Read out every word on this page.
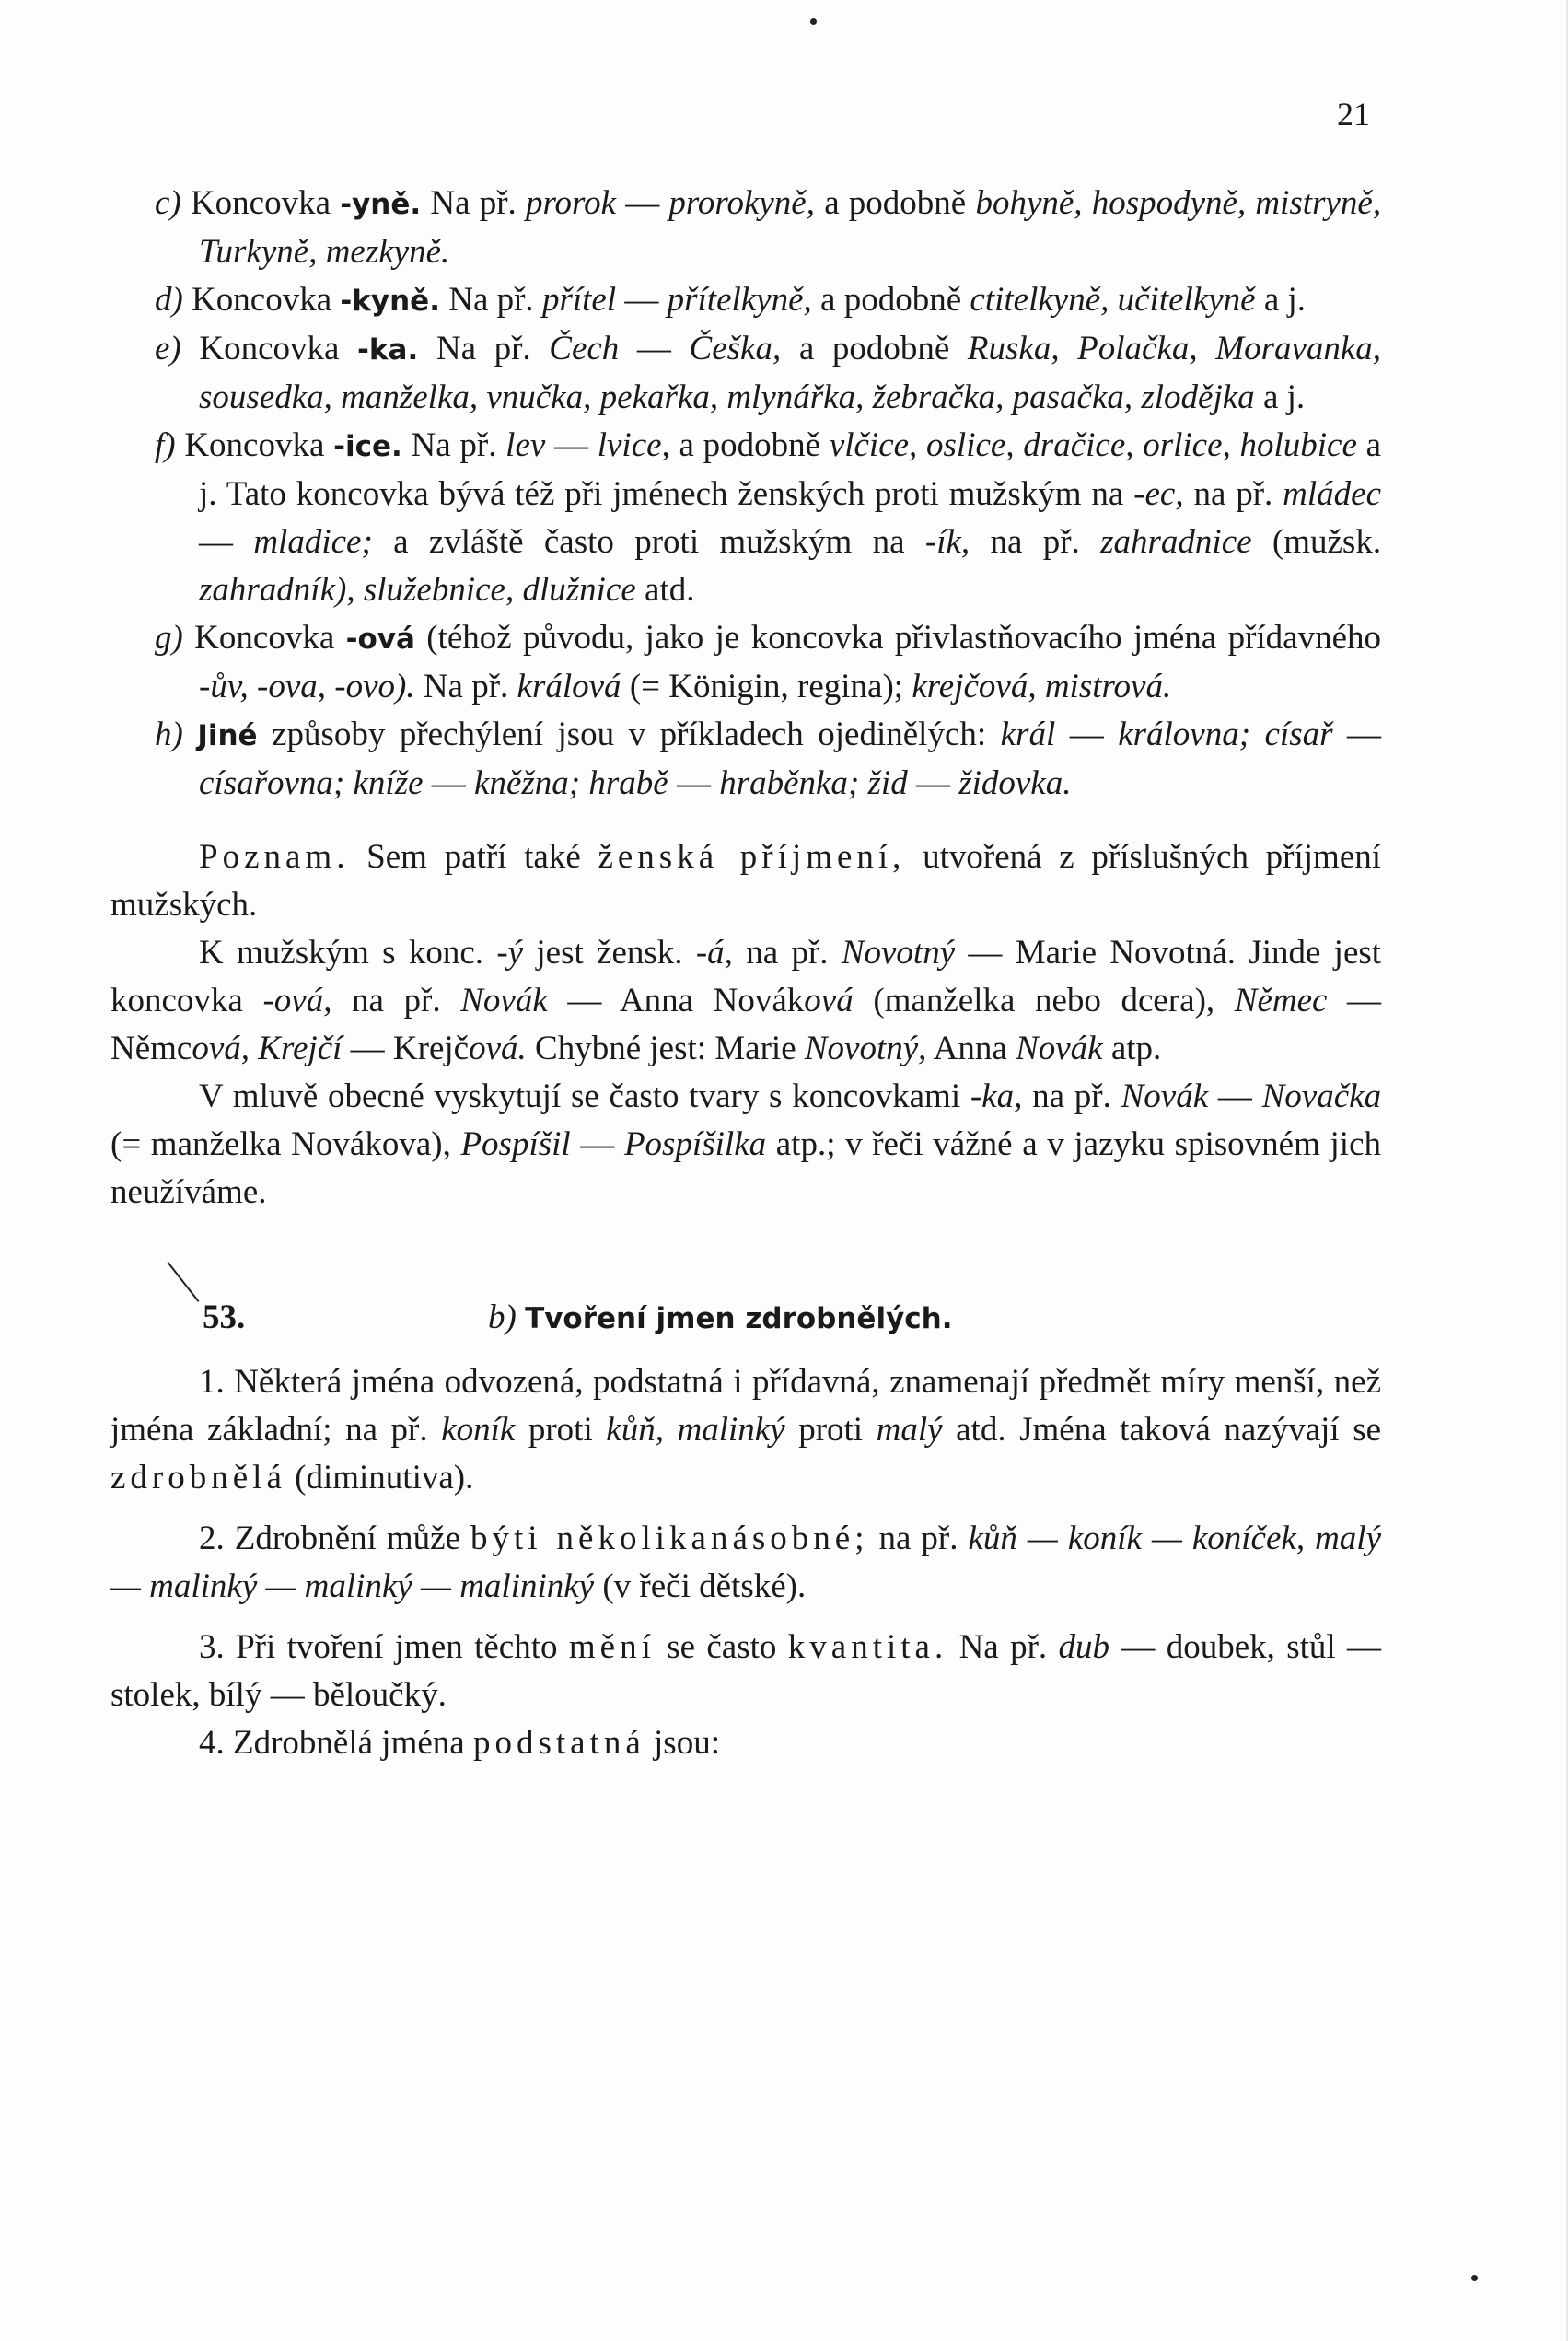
21

c) Koncovka -yně. Na př. prorok — prorokyně, a podobně bohyně, hospodyně, mistryně, Turkyně, mezkyně.

d) Koncovka -kyně. Na př. přítel — přítelkyně, a podobně ctitelkyně, učitelkyně a j.

e) Koncovka -ka. Na př. Čech — Češka, a podobně Ruska, Polačka, Moravanka, sousedka, manželka, vnučka, pekařka, mlynářka, žebračka, pasačka, zlodějka a j.

f) Koncovka -ice. Na př. lev — lvice, a podobně vlčice, oslice, dračice, orlice, holubice a j. Tato koncovka bývá též při jménech ženských proti mužským na -ec, na př. mládec — mladice; a zvláště často proti mužským na -ík, na př. zahradnice (mužsk. zahradník), služebnice, dlužnice atd.

g) Koncovka -ová (téhož původu, jako je koncovka přivlastňovacího jména přídavného -ův, -ova, -ovo). Na př. králová (= Königin, regina); krejčová, mistrová.

h) Jiné způsoby přechýlení jsou v příkladech ojedinělých: král — královna; císař — císařovna; kníže — kněžna; hrabě — hraběnka; žid — židovka.

Poznam. Sem patří také ženská příjmení, utvořená z příslušných příjmení mužských.

K mužským s konc. -ý jest žensk. -á, na př. Novotný — Marie Novotná. Jinde jest koncovka -ová, na př. Novák — Anna Nováková (manželka nebo dcera), Němec — Němcová, Krejčí — Krejčová. Chybné jest: Marie Novotný, Anna Novák atp.

V mluvě obecné vyskytují se často tvary s koncovkami -ka, na př. Novák — Novačka (= manželka Novákova), Pospíšil — Pospíšilka atp.; v řeči vážné a v jazyku spisovném jich neužíváme.

53.	b) Tvoření jmen zdrobnělých.

1. Některá jména odvozená, podstatná i přídavná, znamenají předmět míry menší, než jména základní; na př. koník proti kůň, malinký proti malý atd. Jména taková nazývají se zdrobnělá (diminutiva).

2. Zdrobnění může býti několikanásobné; na př. kůň — koník — koníček, malý — malinký — malinký — malininký (v řeči dětské).

3. Při tvoření jmen těchto mění se často kvantita. Na př. dub — doubek, stůl — stolek, bílý — běloučký.

4. Zdrobnělá jména podstatná jsou:
